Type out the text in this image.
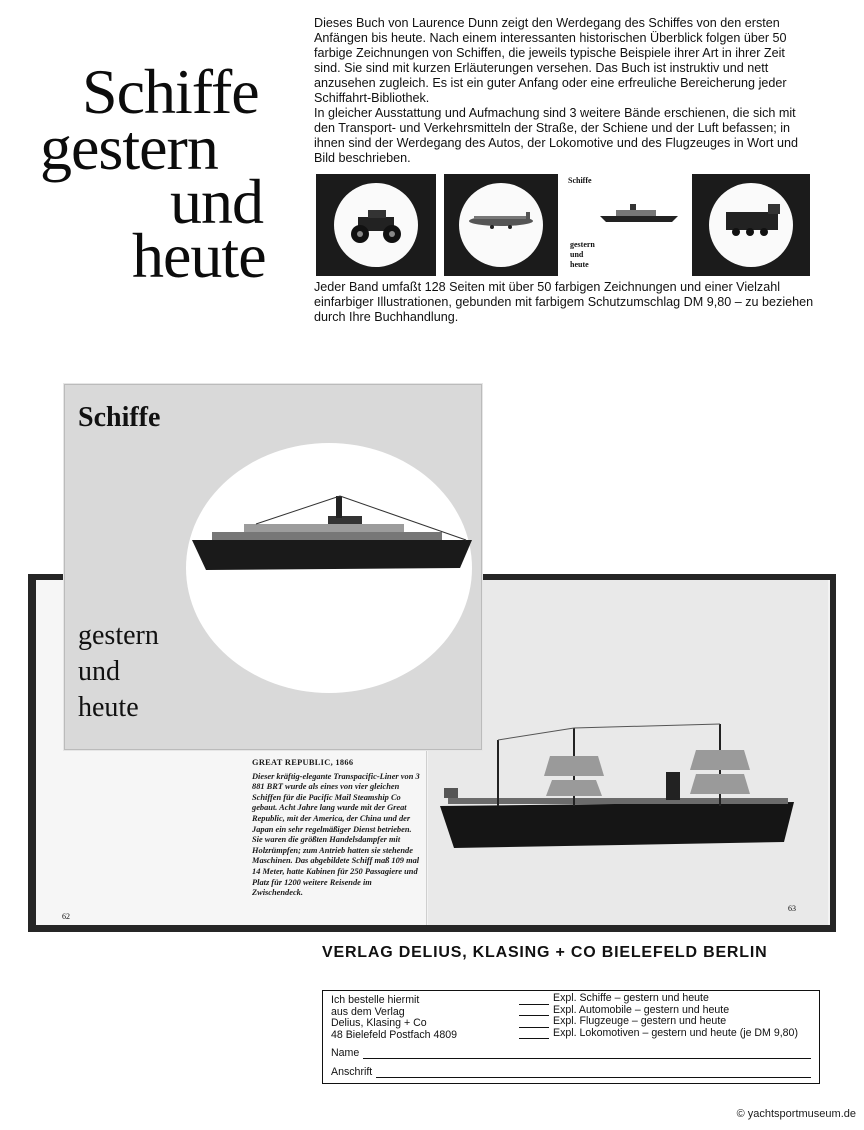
Schiffe
gestern
und
heute

Dieses Buch von Laurence Dunn zeigt den Werdegang des Schiffes von den ersten Anfängen bis heute. Nach einem interessanten historischen Überblick folgen über 50 farbige Zeichnungen von Schiffen, die jeweils typische Beispiele ihrer Art in ihrer Zeit sind. Sie sind mit kurzen Erläuterungen versehen. Das Buch ist instruktiv und nett anzusehen zugleich. Es ist ein guter Anfang oder eine erfreuliche Bereicherung jeder Schiffahrt-Bibliothek.

In gleicher Ausstattung und Aufmachung sind 3 weitere Bände erschienen, die sich mit den Transport- und Verkehrsmitteln der Straße, der Schiene und der Luft befassen; in ihnen sind der Werdegang des Autos, der Lokomotive und des Flugzeuges in Wort und Bild beschrieben.

Schiffe
gestern
und
heute
Jeder Band umfaßt 128 Seiten mit über 50 farbigen Zeichnungen und einer Vielzahl einfarbiger Illustrationen, gebunden mit farbigem Schutzumschlag DM 9,80 – zu beziehen durch Ihre Buchhandlung.
62
63
GREAT REPUBLIC, 1866
Dieser kräftig-elegante Transpacific-Liner von 3 881 BRT wurde als eines von vier gleichen Schiffen für die Pacific Mail Steamship Co gebaut. Acht Jahre lang wurde mit der Great Republic, mit der America, der China und der Japan ein sehr regelmäßiger Dienst betrieben. Sie waren die größten Handelsdampfer mit Holzrümpfen; zum Antrieb hatten sie stehende Maschinen. Das abgebildete Schiff maß 109 mal 14 Meter, hatte Kabinen für 250 Passagiere und Platz für 1200 weitere Reisende im Zwischendeck.
Schiffe
gestern
und
heute
VERLAG DELIUS, KLASING + CO BIELEFELD BERLIN
Ich bestelle hiermit
aus dem Verlag
Delius, Klasing + Co
48 Bielefeld Postfach 4809
Expl. Schiffe – gestern und heute
Expl. Automobile – gestern und heute
Expl. Flugzeuge – gestern und heute
Expl. Lokomotiven – gestern und heute (je DM 9,80)
Name
Anschrift
© yachtsportmuseum.de
